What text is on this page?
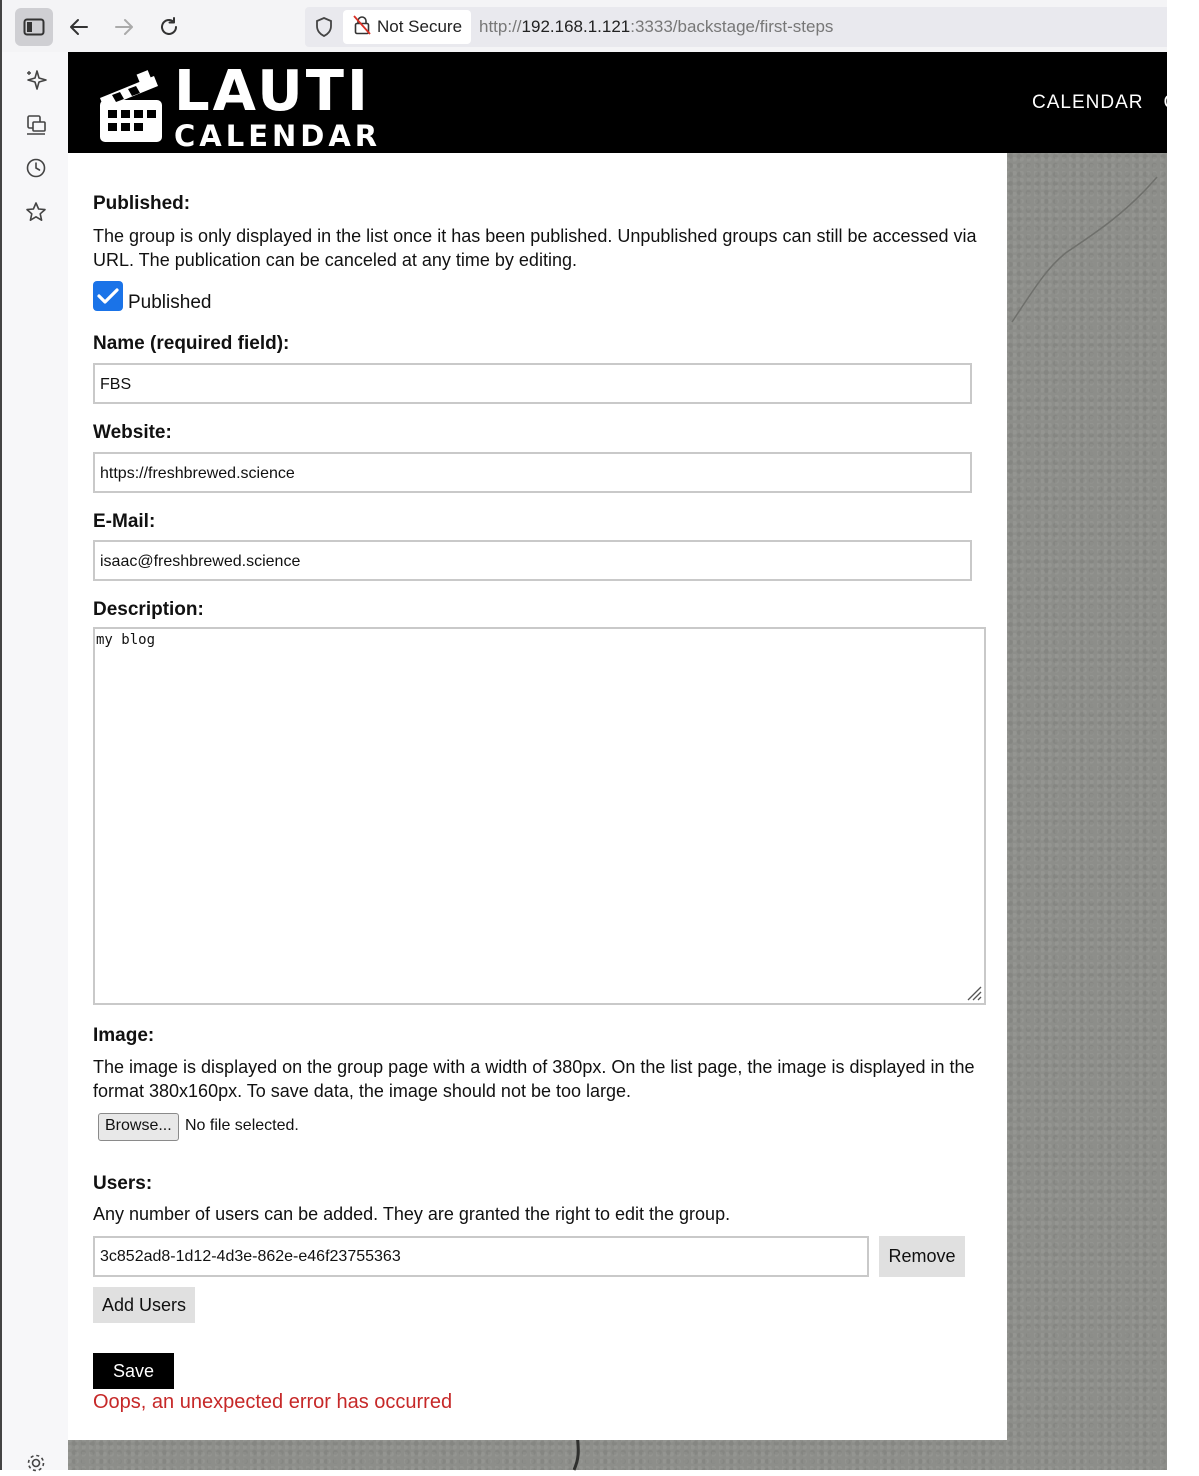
Not Secure http://192.168.1.121:3333/backstage/first-steps
LAUTI
CALENDAR
CALENDAR G
Published:
The group is only displayed in the list once it has been published. Unpublished groups can still be accessed via URL. The publication can be canceled at any time by editing.
Published
Name (required field):
FBS
Website:
https://freshbrewed.science
E-Mail:
isaac@freshbrewed.science
Description:
my blog
Image:
The image is displayed on the group page with a width of 380px. On the list page, the image is displayed in the format 380x160px. To save data, the image should not be too large.
Browse... No file selected.
Users:
Any number of users can be added. They are granted the right to edit the group.
3c852ad8-1d12-4d3e-862e-e46f23755363	Remove
Add Users
Save
Oops, an unexpected error has occurred
